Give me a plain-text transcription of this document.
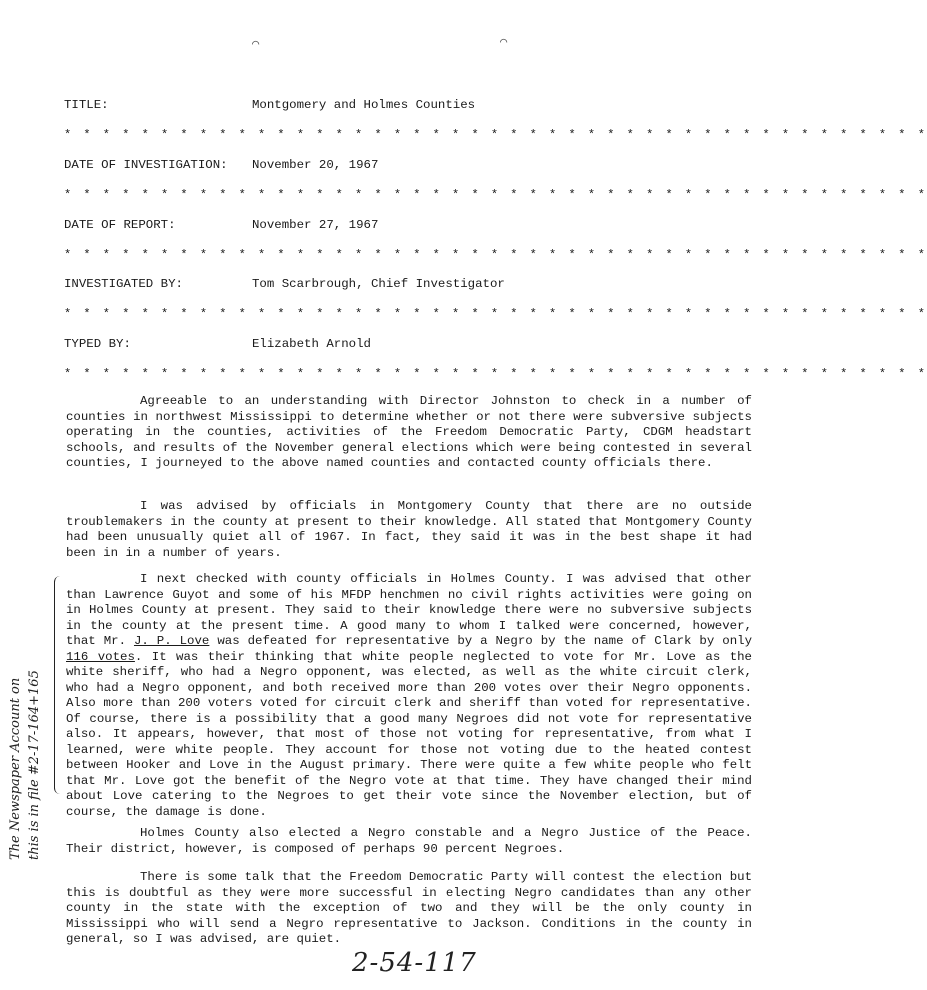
⌒	⌒
TITLE:	Montgomery and Holmes Counties
* * * * * * * * * * * * * * * * * * * * * * * * * * * * * * * * * * * * * * * * * * * * *
DATE OF INVESTIGATION: November 20, 1967
* * * * * * * * * * * * * * * * * * * * * * * * * * * * * * * * * * * * * * * * * * * * *
DATE OF REPORT:	November 27, 1967
* * * * * * * * * * * * * * * * * * * * * * * * * * * * * * * * * * * * * * * * * * * * *
INVESTIGATED BY:	Tom Scarbrough, Chief Investigator
* * * * * * * * * * * * * * * * * * * * * * * * * * * * * * * * * * * * * * * * * * * * *
TYPED BY:	Elizabeth Arnold
* * * * * * * * * * * * * * * * * * * * * * * * * * * * * * * * * * * * * * * * * * * * *

Agreeable to an understanding with Director Johnston to check in a number of counties in northwest Mississippi to determine whether or not there were subversive subjects operating in the counties, activities of the Freedom Democratic Party, CDGM headstart schools, and results of the November general elections which were being contested in several counties, I journeyed to the above named counties and contacted county officials there.

I was advised by officials in Montgomery County that there are no outside troublemakers in the county at present to their knowledge. All stated that Montgomery County had been unusually quiet all of 1967. In fact, they said it was in the best shape it had been in in a number of years.

I next checked with county officials in Holmes County. I was advised that other than Lawrence Guyot and some of his MFDP henchmen no civil rights activities were going on in Holmes County at present. They said to their knowledge there were no subversive subjects in the county at the present time. A good many to whom I talked were concerned, however, that Mr. J. P. Love was defeated for representative by a Negro by the name of Clark by only 116 votes. It was their thinking that white people neglected to vote for Mr. Love as the white sheriff, who had a Negro opponent, was elected, as well as the white circuit clerk, who had a Negro opponent, and both received more than 200 votes over their Negro opponents. Also more than 200 voters voted for circuit clerk and sheriff than voted for representative. Of course, there is a possibility that a good many Negroes did not vote for representative also. It appears, however, that most of those not voting for representative, from what I learned, were white people. They account for those not voting due to the heated contest between Hooker and Love in the August primary. There were quite a few white people who felt that Mr. Love got the benefit of the Negro vote at that time. They have changed their mind about Love catering to the Negroes to get their vote since the November election, but of course, the damage is done.

Holmes County also elected a Negro constable and a Negro Justice of the Peace. Their district, however, is composed of perhaps 90 percent Negroes.

There is some talk that the Freedom Democratic Party will contest the election but this is doubtful as they were more successful in electing Negro candidates than any other county in the state with the exception of two and they will be the only county in Mississippi who will send a Negro representative to Jackson. Conditions in the county in general, so I was advised, are quiet.

The Newspaper Account on this is in file #2-17-164+165
2-54-117
